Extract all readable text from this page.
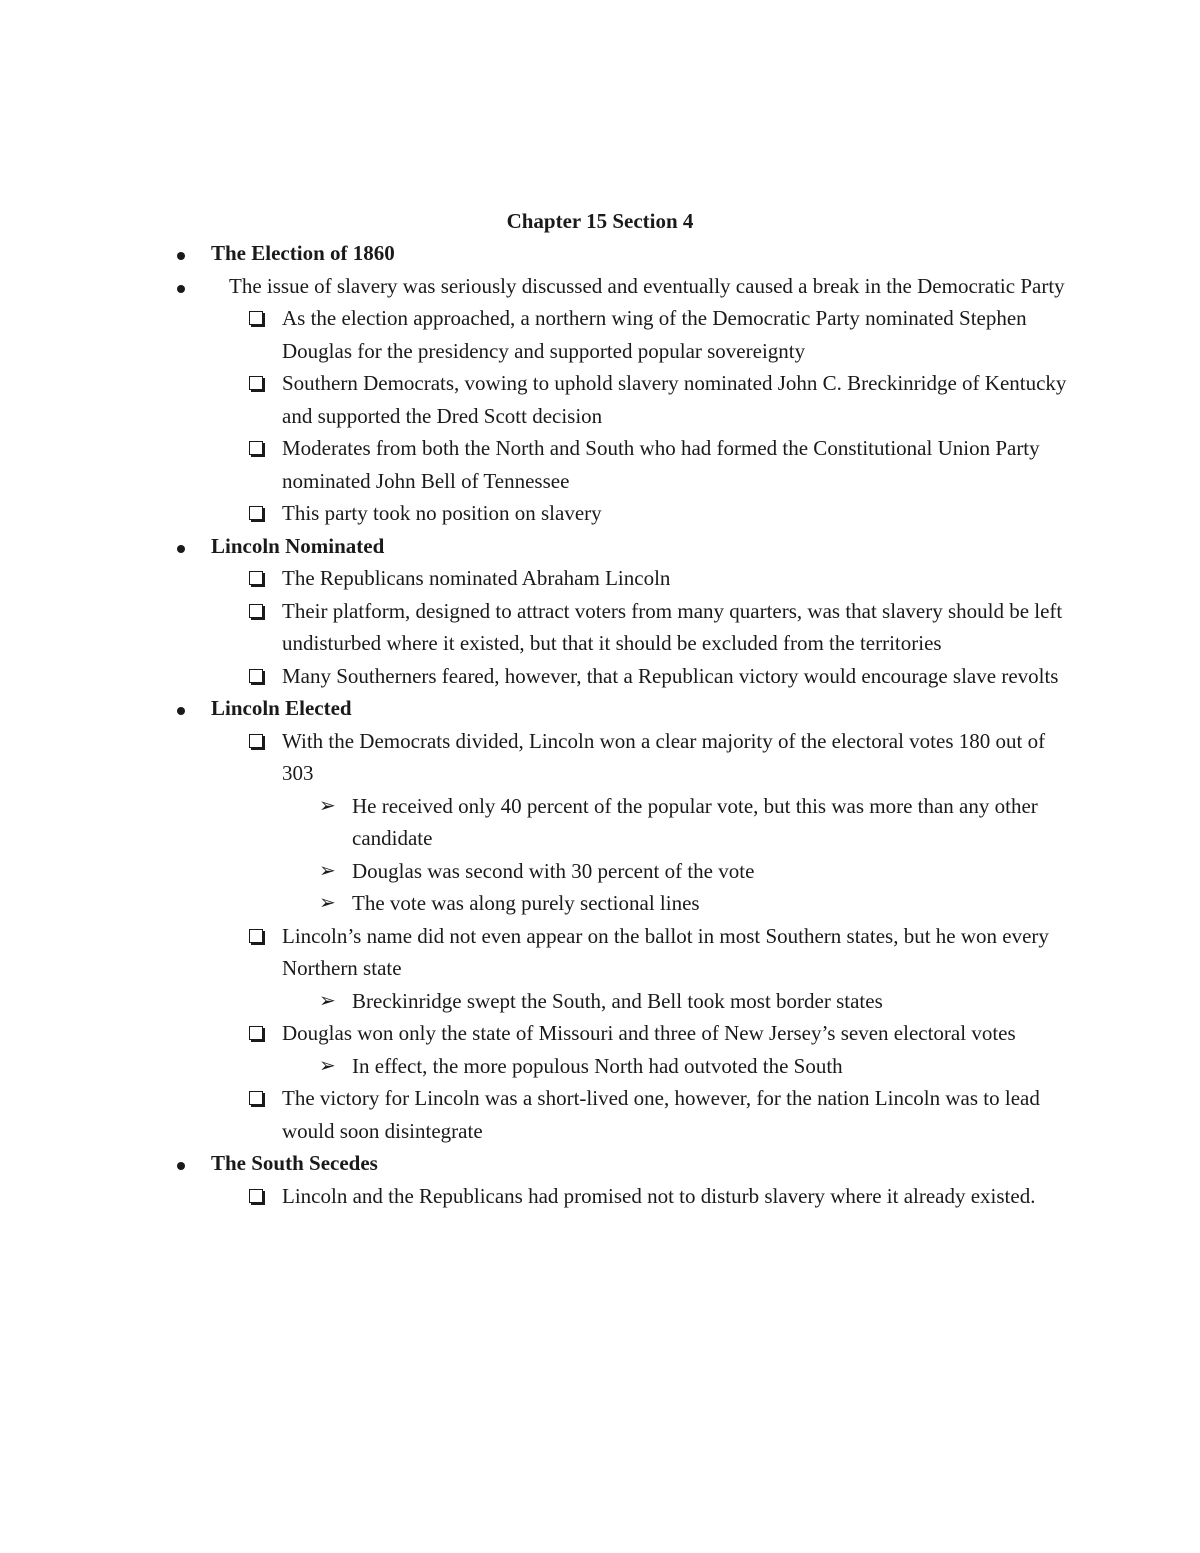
Chapter 15 Section 4
The Election of 1860
The issue of slavery was seriously discussed and eventually caused a break in the Democratic Party
As the election approached, a northern wing of the Democratic Party nominated Stephen Douglas for the presidency and supported popular sovereignty
Southern Democrats, vowing to uphold slavery nominated John C. Breckinridge of Kentucky and supported the Dred Scott decision
Moderates from both the North and South who had formed the Constitutional Union Party nominated John Bell of Tennessee
This party took no position on slavery
Lincoln Nominated
The Republicans nominated Abraham Lincoln
Their platform, designed to attract voters from many quarters, was that slavery should be left undisturbed where it existed, but that it should be excluded from the territories
Many Southerners feared, however, that a Republican victory would encourage slave revolts
Lincoln Elected
With the Democrats divided, Lincoln won a clear majority of the electoral votes 180 out of 303
➢ He received only 40 percent of the popular vote, but this was more than any other candidate
➢ Douglas was second with 30 percent of the vote
➢ The vote was along purely sectional lines
Lincoln’s name did not even appear on the ballot in most Southern states, but he won every Northern state
➢ Breckinridge swept the South, and Bell took most border states
Douglas won only the state of Missouri and three of New Jersey’s seven electoral votes
➢ In effect, the more populous North had outvoted the South
The victory for Lincoln was a short-lived one, however, for the nation Lincoln was to lead would soon disintegrate
The South Secedes
Lincoln and the Republicans had promised not to disturb slavery where it already existed.
